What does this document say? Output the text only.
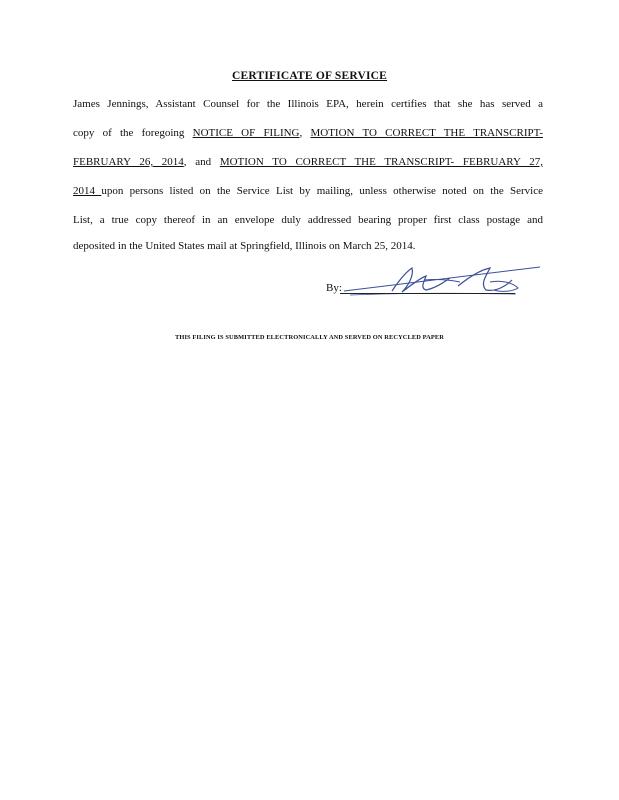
CERTIFICATE OF SERVICE
James Jennings, Assistant Counsel for the Illinois EPA, herein certifies that she has served a
copy of the foregoing NOTICE OF FILING, MOTION TO CORRECT THE TRANSCRIPT-
FEBRUARY 26, 2014, and MOTION TO CORRECT THE TRANSCRIPT- FEBRUARY 27,
2014 upon persons listed on the Service List by mailing, unless otherwise noted on the Service
List, a true copy thereof in an envelope duly addressed bearing proper first class postage and
deposited in the United States mail at Springfield, Illinois on March 25, 2014.
By:
THIS FILING IS SUBMITTED ELECTRONICALLY AND SERVED ON RECYCLED PAPER
